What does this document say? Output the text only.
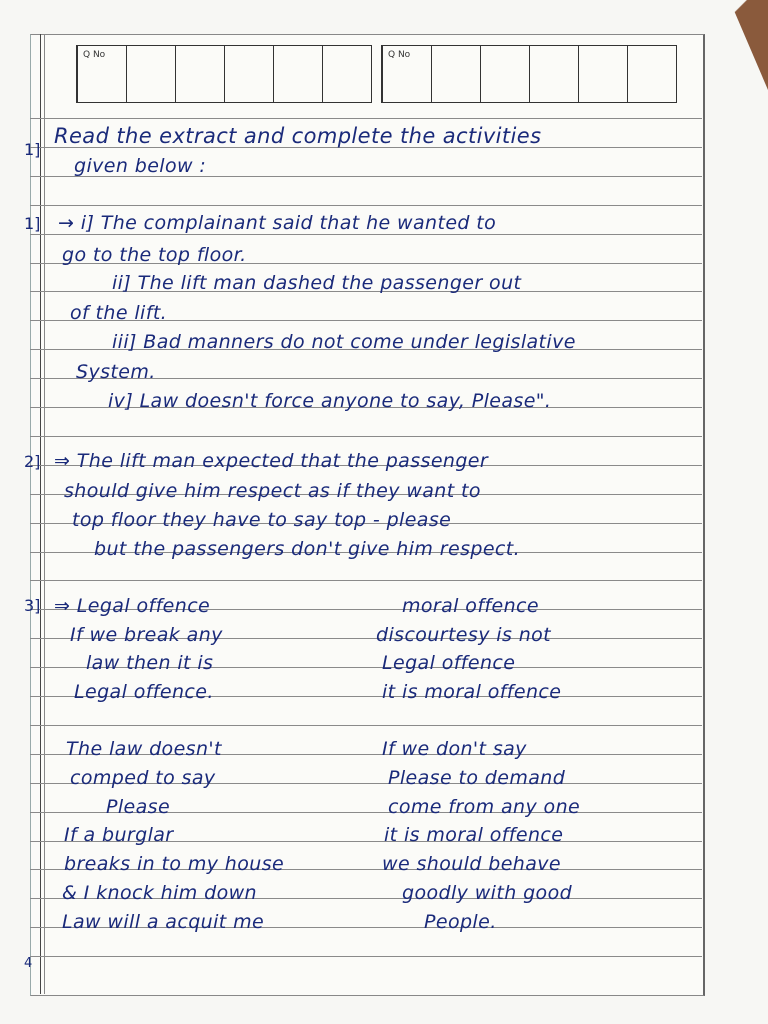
Q No	Q No
1]
1]
2]
3]
4
Read the extract and complete the activities
given below :
→ i] The complainant said that he wanted to
go to the top floor.
ii] The lift man dashed the passenger out
of the lift.
iii] Bad manners do not come under legislative
System.
iv] Law doesn't force anyone to say, Please".
⇒ The lift man expected that the passenger
should give him respect as if they want to
top floor they have to say top - please
but the passengers don't give him respect.
⇒ Legal offence	moral offence
If we break any	discourtesy is not
law then it is	Legal offence
Legal offence.	it is moral offence
The law doesn't	If we don't say
comped to say	Please to demand
Please	come from any one
If a burglar	it is moral offence
breaks in to my house	we should behave
& I knock him down	goodly with good
Law will a acquit me	People.
